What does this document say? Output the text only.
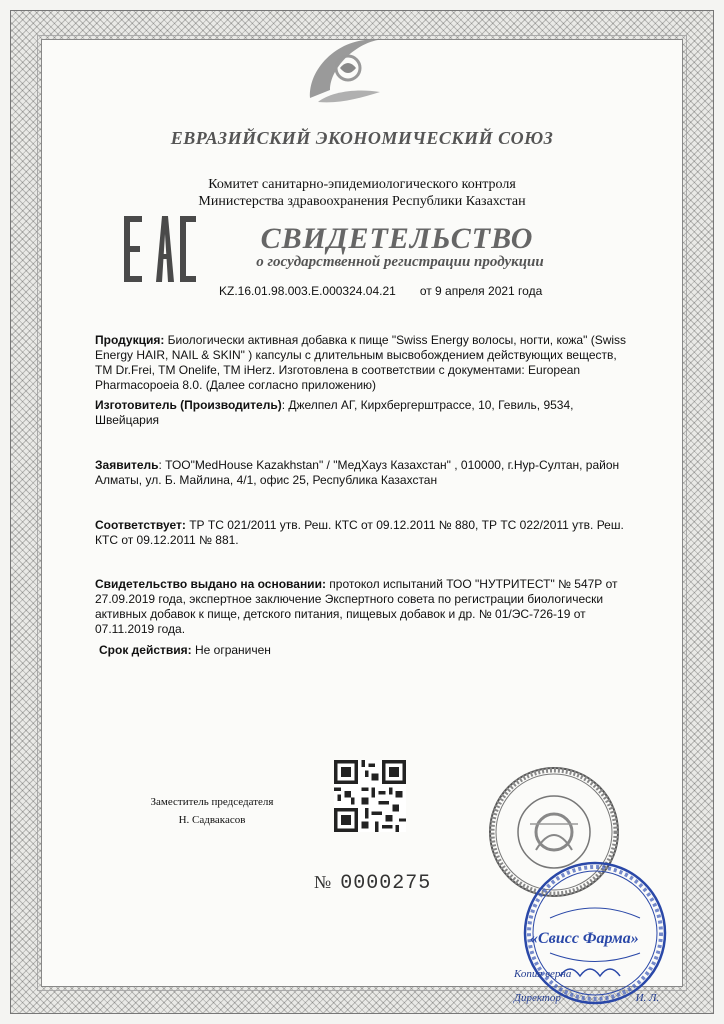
ЕВРАЗИЙСКИЙ ЭКОНОМИЧЕСКИЙ СОЮЗ
Комитет санитарно-эпидемиологического контроля
Министерства здравоохранения Республики Казахстан
СВИДЕТЕЛЬСТВО
о государственной регистрации продукции
KZ.16.01.98.003.E.000324.04.21 от 9 апреля 2021 года
Продукция: Биологически активная добавка к пище "Swiss Energy волосы, ногти, кожа" (Swiss Energy HAIR, NAIL & SKIN" ) капсулы с длительным высвобождением действующих веществ, TM Dr.Frei, TM Onelife, TM iHerz. Изготовлена в соответствии с документами: European Pharmacopoeia 8.0. (Далее согласно приложению)
Изготовитель (Производитель): Джелпел АГ, Кирхбергерштрассе, 10, Гевиль, 9534, Швейцария
Заявитель: ТОО"MedHouse Kazakhstan" / "МедХауз Казахстан" , 010000, г.Нур-Султан, район Алматы, ул. Б. Майлина, 4/1, офис 25, Республика Казахстан
Соответствует: ТР ТС 021/2011 утв. Реш. КТС от 09.12.2011 № 880, ТР ТС 022/2011 утв. Реш. КТС от 09.12.2011 № 881.
Свидетельство выдано на основании: протокол испытаний ТОО "НУТРИТЕСТ" № 547Р от 27.09.2019 года, экспертное заключение Экспертного совета по регистрации биологически активных добавок к пище, детского питания, пищевых добавок и др. № 01/ЭС-726-19 от 07.11.2019 года.
Срок действия: Не ограничен
Заместитель председателя
Н. Садвакасов
№ 0000275
«Свисс Фарма»
Копия верна
Директор	И. Л.
